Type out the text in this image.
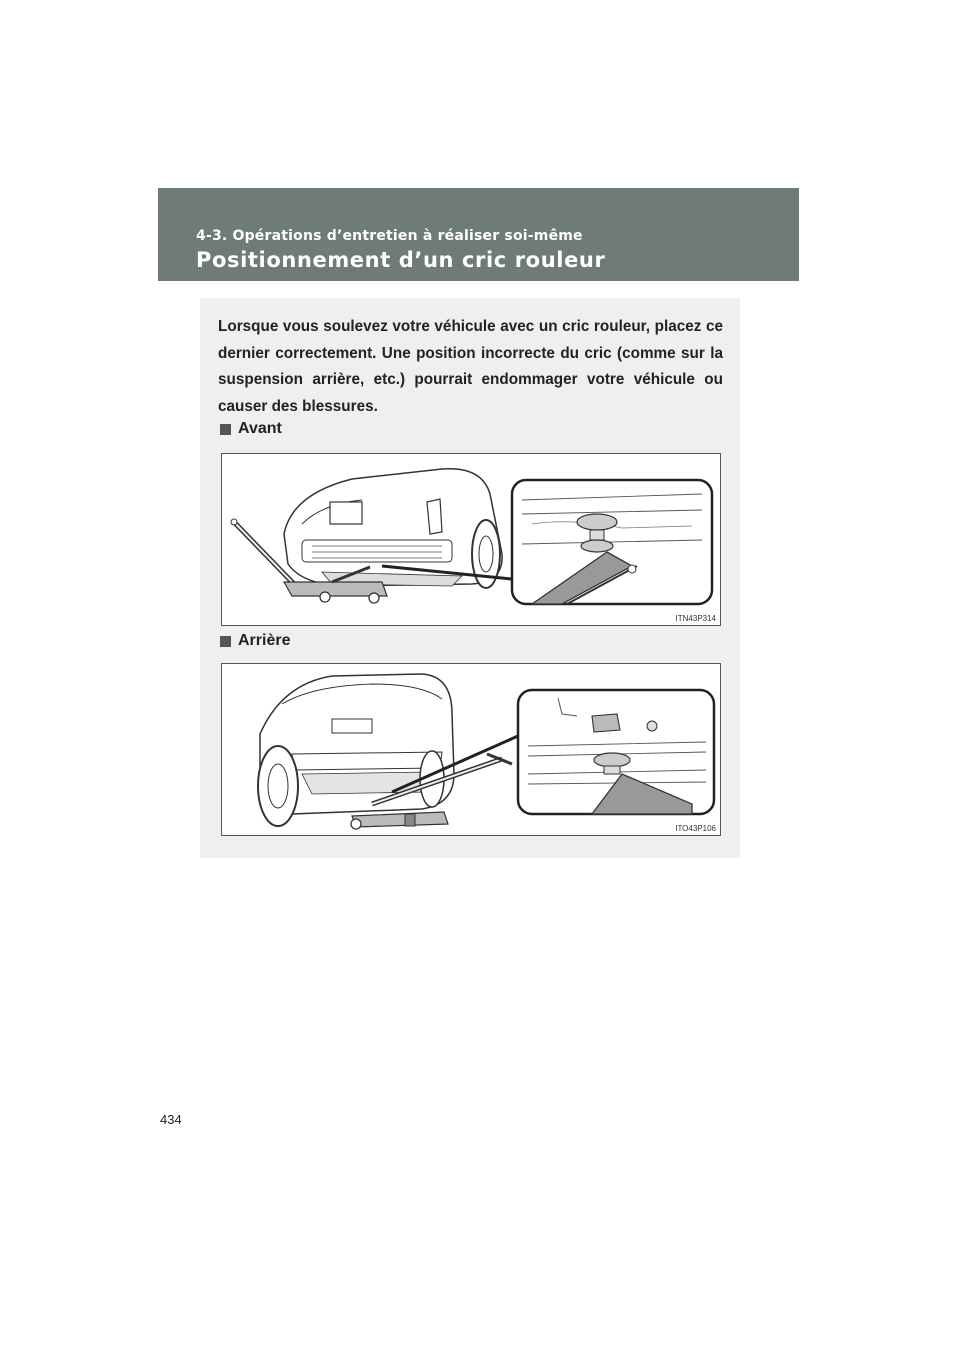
4-3. Opérations d’entretien à réaliser soi-même
Positionnement d’un cric rouleur

Lorsque vous soulevez votre véhicule avec un cric rouleur, placez ce dernier correctement. Une position incorrecte du cric (comme sur la suspension arrière, etc.) pourrait endommager votre véhicule ou causer des blessures.

Avant
ITN43P314
Arrière
ITO43P106
434
